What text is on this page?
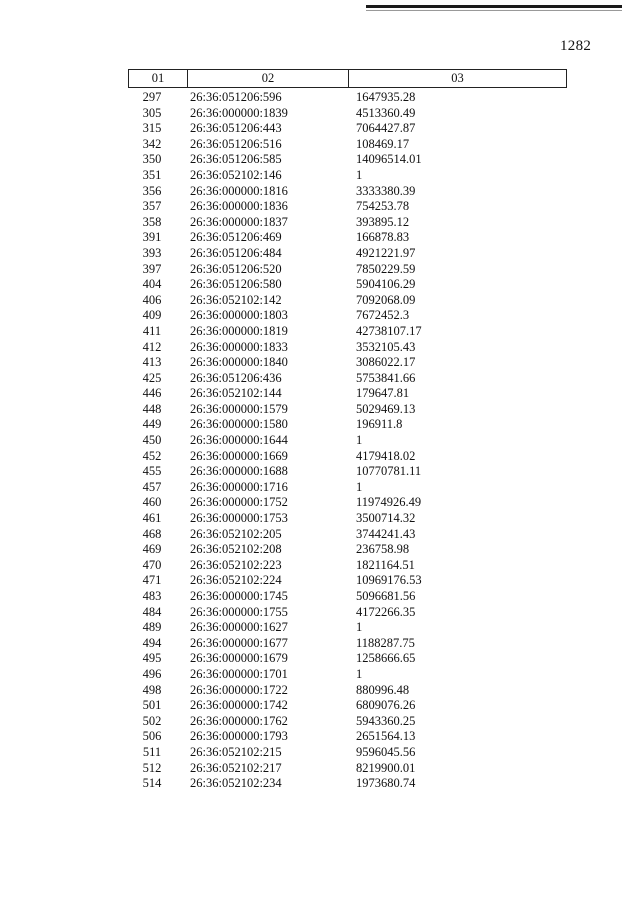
1282
01	02	03
297	26:36:051206:596	1647935.28
305	26:36:000000:1839	4513360.49
315	26:36:051206:443	7064427.87
342	26:36:051206:516	108469.17
350	26:36:051206:585	14096514.01
351	26:36:052102:146	1
356	26:36:000000:1816	3333380.39
357	26:36:000000:1836	754253.78
358	26:36:000000:1837	393895.12
391	26:36:051206:469	166878.83
393	26:36:051206:484	4921221.97
397	26:36:051206:520	7850229.59
404	26:36:051206:580	5904106.29
406	26:36:052102:142	7092068.09
409	26:36:000000:1803	7672452.3
411	26:36:000000:1819	42738107.17
412	26:36:000000:1833	3532105.43
413	26:36:000000:1840	3086022.17
425	26:36:051206:436	5753841.66
446	26:36:052102:144	179647.81
448	26:36:000000:1579	5029469.13
449	26:36:000000:1580	196911.8
450	26:36:000000:1644	1
452	26:36:000000:1669	4179418.02
455	26:36:000000:1688	10770781.11
457	26:36:000000:1716	1
460	26:36:000000:1752	11974926.49
461	26:36:000000:1753	3500714.32
468	26:36:052102:205	3744241.43
469	26:36:052102:208	236758.98
470	26:36:052102:223	1821164.51
471	26:36:052102:224	10969176.53
483	26:36:000000:1745	5096681.56
484	26:36:000000:1755	4172266.35
489	26:36:000000:1627	1
494	26:36:000000:1677	1188287.75
495	26:36:000000:1679	1258666.65
496	26:36:000000:1701	1
498	26:36:000000:1722	880996.48
501	26:36:000000:1742	6809076.26
502	26:36:000000:1762	5943360.25
506	26:36:000000:1793	2651564.13
511	26:36:052102:215	9596045.56
512	26:36:052102:217	8219900.01
514	26:36:052102:234	1973680.74
